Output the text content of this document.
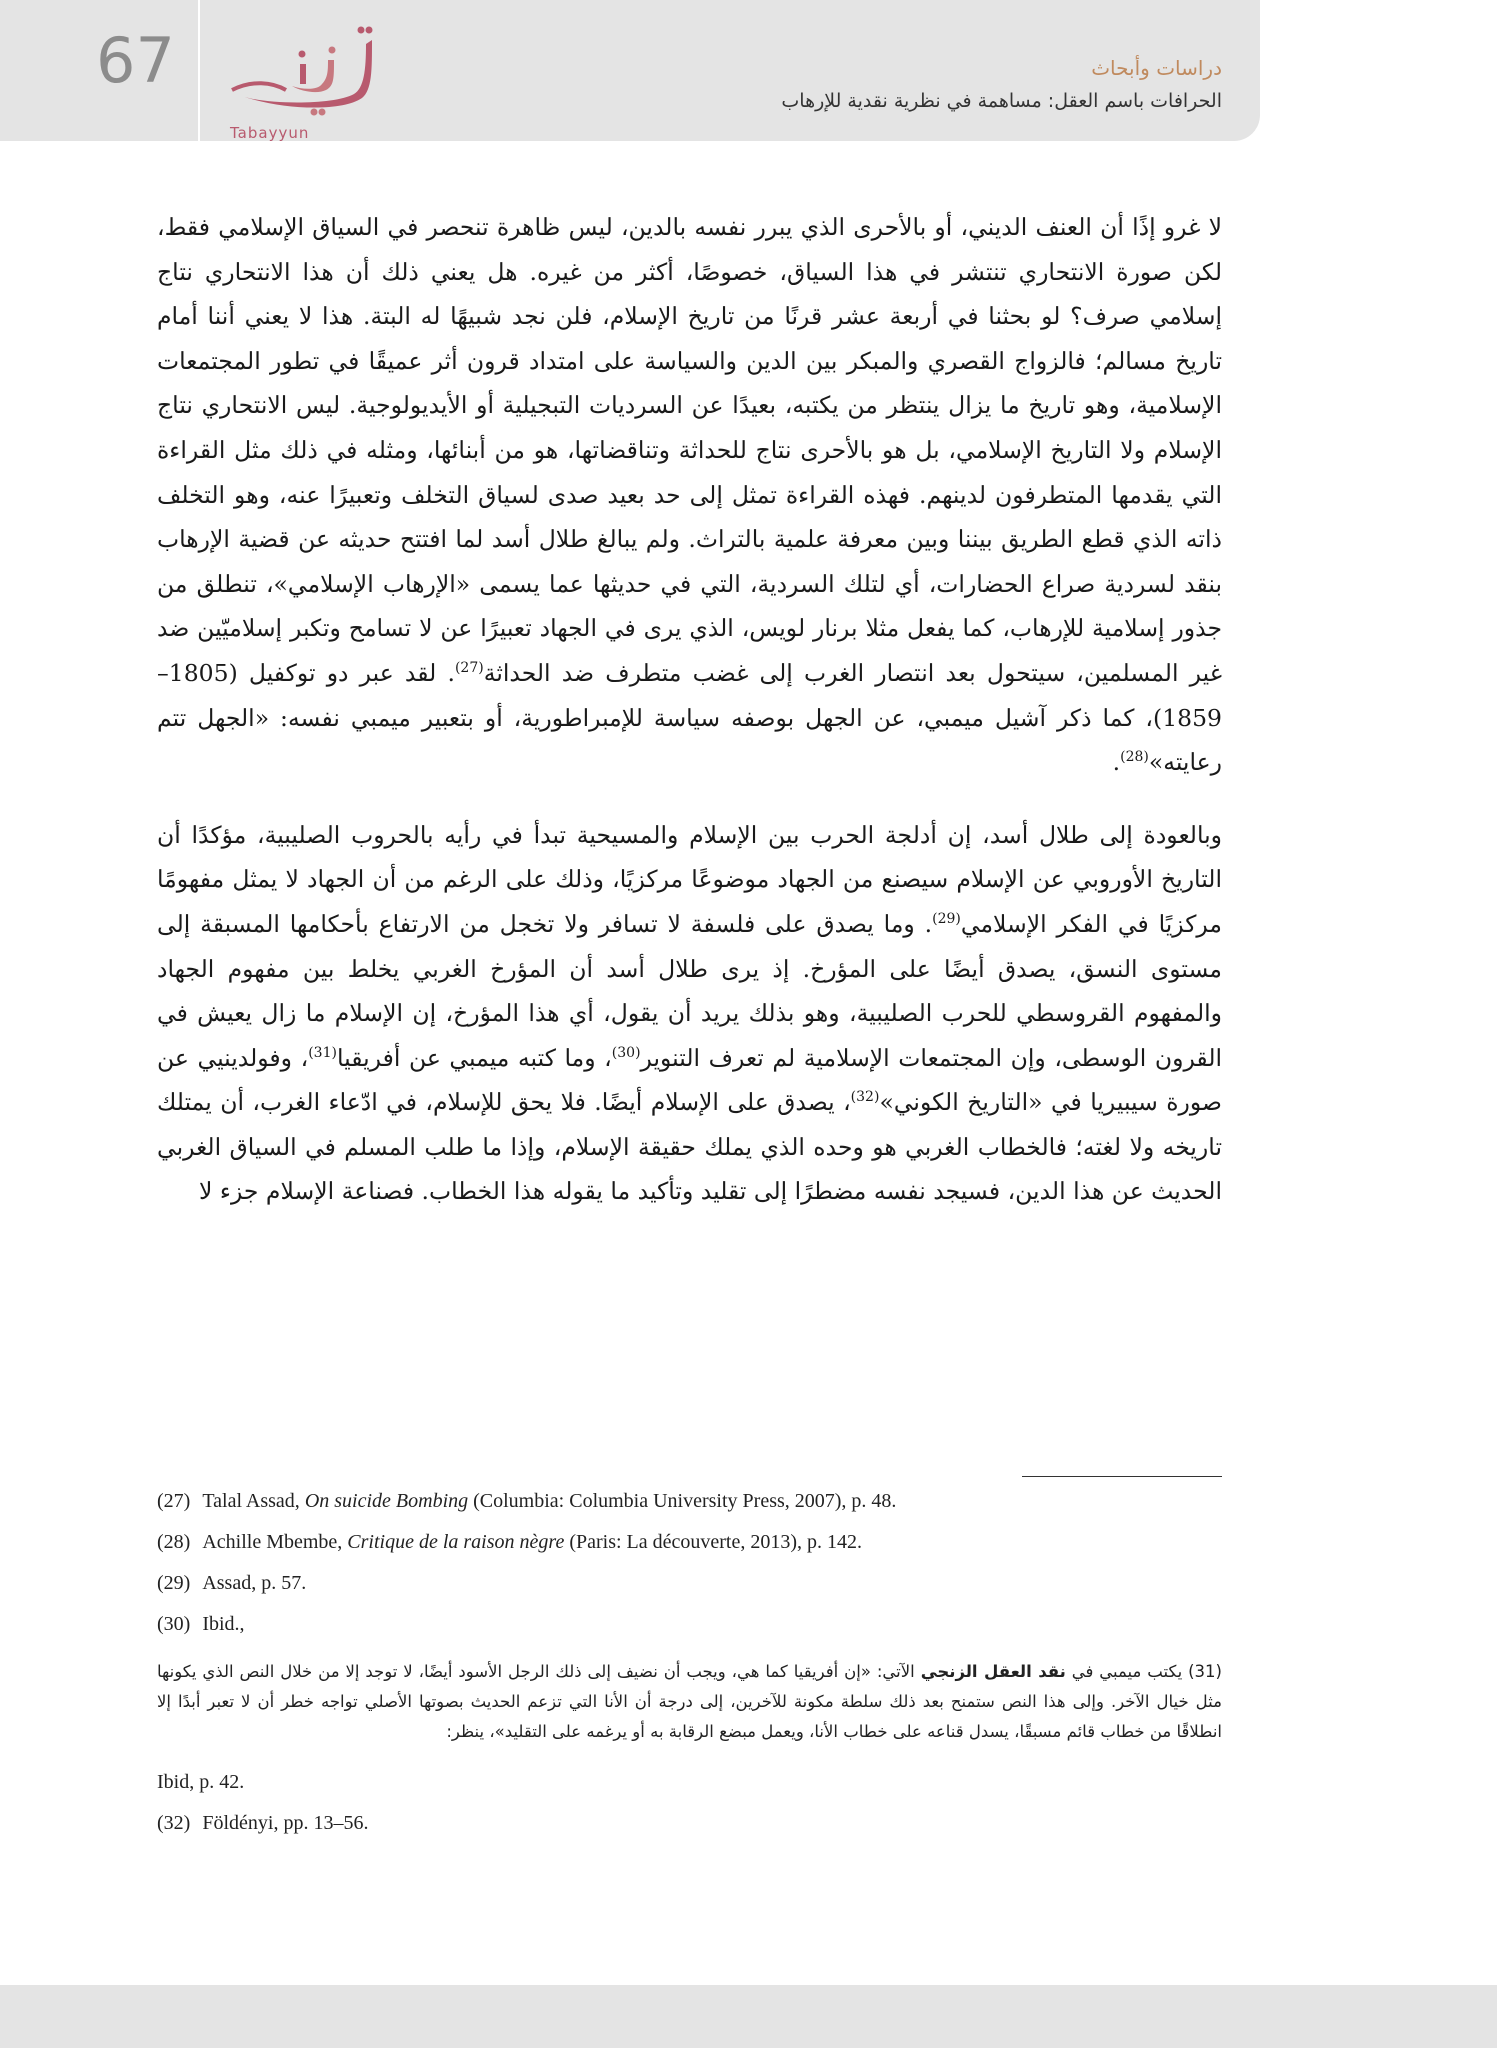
67
Tabayyun
دراسات وأبحاث
الحرافات باسم العقل: مساهمة في نظرية نقدية للإرهاب

لا غرو إذًا أن العنف الديني، أو بالأحرى الذي يبرر نفسه بالدين، ليس ظاهرة تنحصر في السياق الإسلامي فقط، لكن صورة الانتحاري تنتشر في هذا السياق، خصوصًا، أكثر من غيره. هل يعني ذلك أن هذا الانتحاري نتاج إسلامي صرف؟ لو بحثنا في أربعة عشر قرنًا من تاريخ الإسلام، فلن نجد شبيهًا له البتة. هذا لا يعني أننا أمام تاريخ مسالم؛ فالزواج القصري والمبكر بين الدين والسياسة على امتداد قرون أثر عميقًا في تطور المجتمعات الإسلامية، وهو تاريخ ما يزال ينتظر من يكتبه، بعيدًا عن السرديات التبجيلية أو الأيديولوجية. ليس الانتحاري نتاج الإسلام ولا التاريخ الإسلامي، بل هو بالأحرى نتاج للحداثة وتناقضاتها، هو من أبنائها، ومثله في ذلك مثل القراءة التي يقدمها المتطرفون لدينهم. فهذه القراءة تمثل إلى حد بعيد صدى لسياق التخلف وتعبيرًا عنه، وهو التخلف ذاته الذي قطع الطريق بيننا وبين معرفة علمية بالتراث. ولم يبالغ طلال أسد لما افتتح حديثه عن قضية الإرهاب بنقد لسردية صراع الحضارات، أي لتلك السردية، التي في حديثها عما يسمى «الإرهاب الإسلامي»، تنطلق من جذور إسلامية للإرهاب، كما يفعل مثلا برنار لويس، الذي يرى في الجهاد تعبيرًا عن لا تسامح وتكبر إسلاميّين ضد غير المسلمين، سيتحول بعد انتصار الغرب إلى غضب متطرف ضد الحداثة$^{(27)}$. لقد عبر دو توكفيل (1805–1859)، كما ذكر آشيل ميمبي، عن الجهل بوصفه سياسة للإمبراطورية، أو بتعبير ميمبي نفسه: «الجهل تتم رعايته»$^{(28)}$.

وبالعودة إلى طلال أسد، إن أدلجة الحرب بين الإسلام والمسيحية تبدأ في رأيه بالحروب الصليبية، مؤكدًا أن التاريخ الأوروبي عن الإسلام سيصنع من الجهاد موضوعًا مركزيًا، وذلك على الرغم من أن الجهاد لا يمثل مفهومًا مركزيًا في الفكر الإسلامي$^{(29)}$. وما يصدق على فلسفة لا تسافر ولا تخجل من الارتفاع بأحكامها المسبقة إلى مستوى النسق، يصدق أيضًا على المؤرخ. إذ يرى طلال أسد أن المؤرخ الغربي يخلط بين مفهوم الجهاد والمفهوم القروسطي للحرب الصليبية، وهو بذلك يريد أن يقول، أي هذا المؤرخ، إن الإسلام ما زال يعيش في القرون الوسطى، وإن المجتمعات الإسلامية لم تعرف التنوير$^{(30)}$، وما كتبه ميمبي عن أفريقيا$^{(31)}$، وفولدينيي عن صورة سيبيريا في «التاريخ الكوني»$^{(32)}$، يصدق على الإسلام أيضًا. فلا يحق للإسلام، في ادّعاء الغرب، أن يمتلك تاريخه ولا لغته؛ فالخطاب الغربي هو وحده الذي يملك حقيقة الإسلام، وإذا ما طلب المسلم في السياق الغربي الحديث عن هذا الدين، فسيجد نفسه مضطرًا إلى تقليد وتأكيد ما يقوله هذا الخطاب. فصناعة الإسلام جزء لا

(27) Talal Assad, On suicide Bombing (Columbia: Columbia University Press, 2007), p. 48.
(28) Achille Mbembe, Critique de la raison nègre (Paris: La découverte, 2013), p. 142.
(29) Assad, p. 57.
(30) Ibid.,
(31) يكتب ميمبي في نقد العقل الزنجي الآتي: «إن أفريقيا كما هي، ويجب أن نضيف إلى ذلك الرجل الأسود أيضًا، لا توجد إلا من خلال النص الذي يكونها مثل خيال الآخر. وإلى هذا النص ستمنح بعد ذلك سلطة مكونة للآخرين، إلى درجة أن الأنا التي تزعم الحديث بصوتها الأصلي تواجه خطر أن لا تعبر أبدًا إلا انطلاقًا من خطاب قائم مسبقًا، يسدل قناعه على خطاب الأنا، ويعمل مبضع الرقابة به أو يرغمه على التقليد»، ينظر:
Ibid, p. 42.
(32) Földényi, pp. 13–56.
